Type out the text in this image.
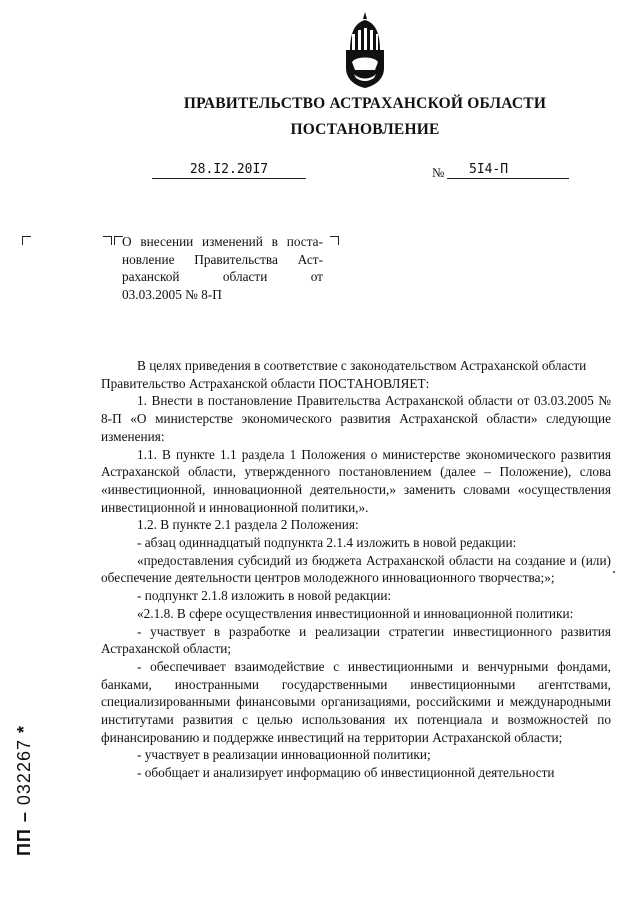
ПРАВИТЕЛЬСТВО АСТРАХАНСКОЙ ОБЛАСТИ
ПОСТАНОВЛЕНИЕ
28.I2.20I7	№	5I4-П
О внесении изменений в поста-
новление Правительства Аст-
раханской области от
03.03.2005 № 8-П

В целях приведения в соответствие с законодательством Астраханской области

Правительство Астраханской области ПОСТАНОВЛЯЕТ:

1. Внести в постановление Правительства Астраханской области от 03.03.2005 № 8-П «О министерстве экономического развития Астраханской области» следующие изменения:

1.1. В пункте 1.1 раздела 1 Положения о министерстве экономического развития Астраханской области, утвержденного постановлением (далее – Положение), слова «инвестиционной, инновационной деятельности,» заменить словами «осуществления инвестиционной и инновационной политики,».

1.2. В пункте 2.1 раздела 2 Положения:

- абзац одиннадцатый подпункта 2.1.4 изложить в новой редакции:

«предоставления субсидий из бюджета Астраханской области на создание и (или) обеспечение деятельности центров молодежного инновационного творчества;»;

- подпункт 2.1.8 изложить в новой редакции:

«2.1.8. В сфере осуществления инвестиционной и инновационной политики:

- участвует в разработке и реализации стратегии инвестиционного развития Астраханской области;

- обеспечивает взаимодействие с инвестиционными и венчурными фондами, банками, иностранными государственными инвестиционными агентствами, специализированными финансовыми организациями, российскими и международными институтами развития с целью использования их потенциала и возможностей по финансированию и поддержке инвестиций на территории Астраханской области;

- участвует в реализации инновационной политики;

- обобщает и анализирует информацию об инвестиционной деятельности

ПП – 032267 *
